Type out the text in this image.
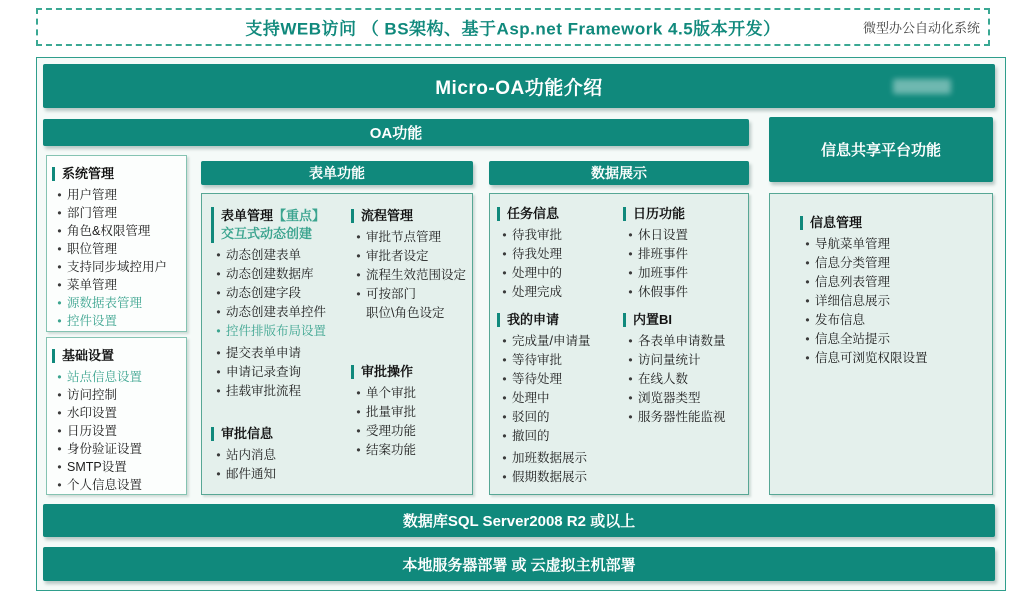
支持WEB访问 （ BS架构、基于Asp.net Framework 4.5版本开发）	微型办公自动化系统
Micro-OA功能介绍
OA功能
信息共享平台功能
系统管理
•
用户管理
•
部门管理
•
角色&权限管理
•
职位管理
•
支持同步域控用户
•
菜单管理
•
源数据表管理
•
控件设置
基础设置
•
站点信息设置
•
访问控制
•
水印设置
•
日历设置
•
身份验证设置
•
SMTP设置
•
个人信息设置
表单功能
表单管理【重点】
交互式动态创建
•
动态创建表单
•
动态创建数据库
•
动态创建字段
•
动态创建表单控件
•
控件排版布局设置
•
提交表单申请
•
申请记录查询
•
挂载审批流程
审批信息
•
站内消息
•
邮件通知
流程管理
•
审批节点管理
•
审批者设定
•
流程生效范围设定
•
可按部门
职位\角色设定
审批操作
•
单个审批
•
批量审批
•
受理功能
•
结案功能
数据展示
任务信息
•
待我审批
•
待我处理
•
处理中的
•
处理完成
我的申请
•
完成量/申请量
•
等待审批
•
等待处理
•
处理中
•
驳回的
•
撤回的
•
加班数据展示
•
假期数据展示
日历功能
•
休日设置
•
排班事件
•
加班事件
•
休假事件
内置BI
•
各表单申请数量
•
访问量统计
•
在线人数
•
浏览器类型
•
服务器性能监视
信息管理
•
导航菜单管理
•
信息分类管理
•
信息列表管理
•
详细信息展示
•
发布信息
•
信息全站提示
•
信息可浏览权限设置
数据库SQL Server2008 R2 或以上
本地服务器部署 或 云虚拟主机部署
